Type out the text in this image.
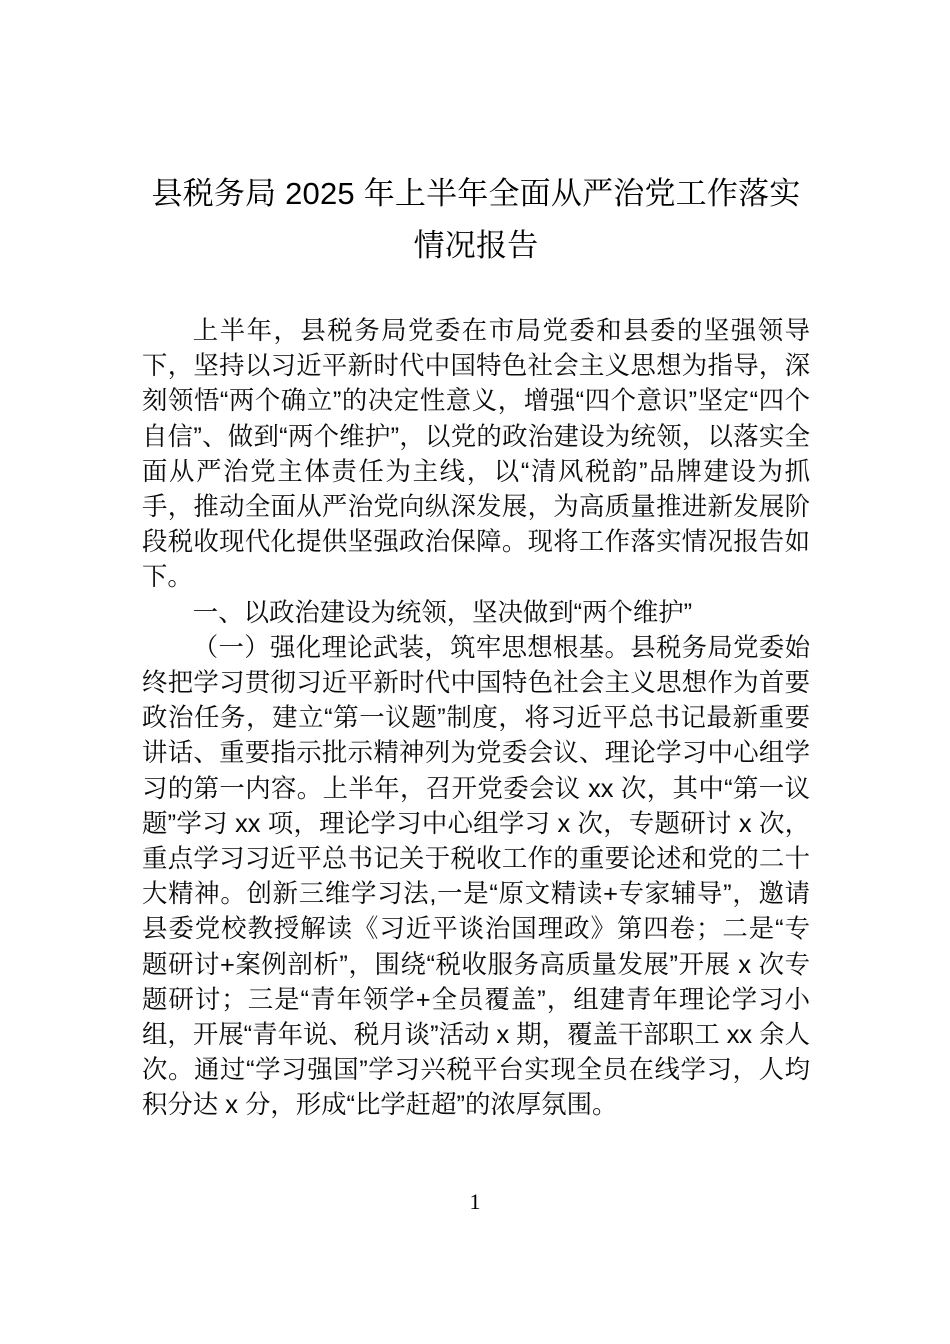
县税务局 2025 年上半年全面从严治党工作落实情况报告

上半年，县税务局党委在市局党委和县委的坚强领导下，坚持以习近平新时代中国特色社会主义思想为指导，深刻领悟“两个确立”的决定性意义，增强“四个意识”坚定“四个自信”、做到“两个维护”，以党的政治建设为统领，以落实全面从严治党主体责任为主线，以“清风税韵”品牌建设为抓手，推动全面从严治党向纵深发展，为高质量推进新发展阶段税收现代化提供坚强政治保障。现将工作落实情况报告如下。

一、以政治建设为统领，坚决做到“两个维护”

（一）强化理论武装，筑牢思想根基。县税务局党委始终把学习贯彻习近平新时代中国特色社会主义思想作为首要政治任务，建立“第一议题”制度，将习近平总书记最新重要讲话、重要指示批示精神列为党委会议、理论学习中心组学习的第一内容。上半年，召开党委会议 xx 次，其中“第一议题”学习 xx 项，理论学习中心组学习 x 次，专题研讨 x 次，重点学习习近平总书记关于税收工作的重要论述和党的二十大精神。创新三维学习法,一是“原文精读+专家辅导”，邀请县委党校教授解读《习近平谈治国理政》第四卷；二是“专题研讨+案例剖析”，围绕“税收服务高质量发展”开展 x 次专题研讨；三是“青年领学+全员覆盖”，组建青年理论学习小组，开展“青年说、税月谈”活动 x 期，覆盖干部职工 xx 余人次。通过“学习强国”学习兴税平台实现全员在线学习，人均积分达 x 分，形成“比学赶超”的浓厚氛围。

1
